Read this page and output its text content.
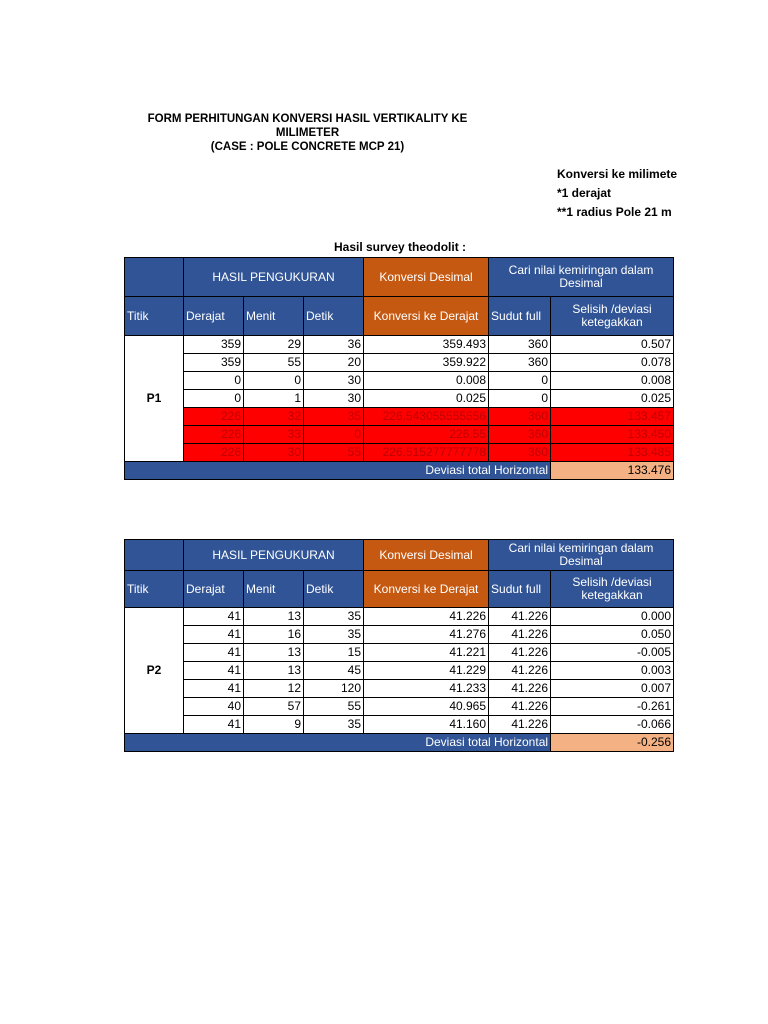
FORM PERHITUNGAN KONVERSI HASIL VERTIKALITY KE
MILIMETER
(CASE : POLE CONCRETE MCP 21)
Konversi ke milimete
*1 derajat
**1 radius Pole 21 m
Hasil survey theodolit :
	HASIL PENGUKURAN			Konversi Desimal	Cari nilai kemiringan dalam Desimal	
Titik	Derajat	Menit	Detik	Konversi ke Derajat	Sudut full	Selisih /deviasi ketegakkan
P1	359	29	36	359.493	360	0.507
	359	55	20	359.922	360	0.078
	0	0	30	0.008	0	0.008
	0	1	30	0.025	0	0.025
	226	32	35	226.543055555556	360	133.457
	226	33	0	226.55	360	133.450
	226	30	55	226.515277777778	360	133.485
Deviasi total Horizontal						133.476
	HASIL PENGUKURAN			Konversi Desimal	Cari nilai kemiringan dalam Desimal	
Titik	Derajat	Menit	Detik	Konversi ke Derajat	Sudut full	Selisih /deviasi ketegakkan
P2	41	13	35	41.226	41.226	0.000
	41	16	35	41.276	41.226	0.050
	41	13	15	41.221	41.226	-0.005
	41	13	45	41.229	41.226	0.003
	41	12	120	41.233	41.226	0.007
	40	57	55	40.965	41.226	-0.261
	41	9	35	41.160	41.226	-0.066
Deviasi total Horizontal						-0.256
